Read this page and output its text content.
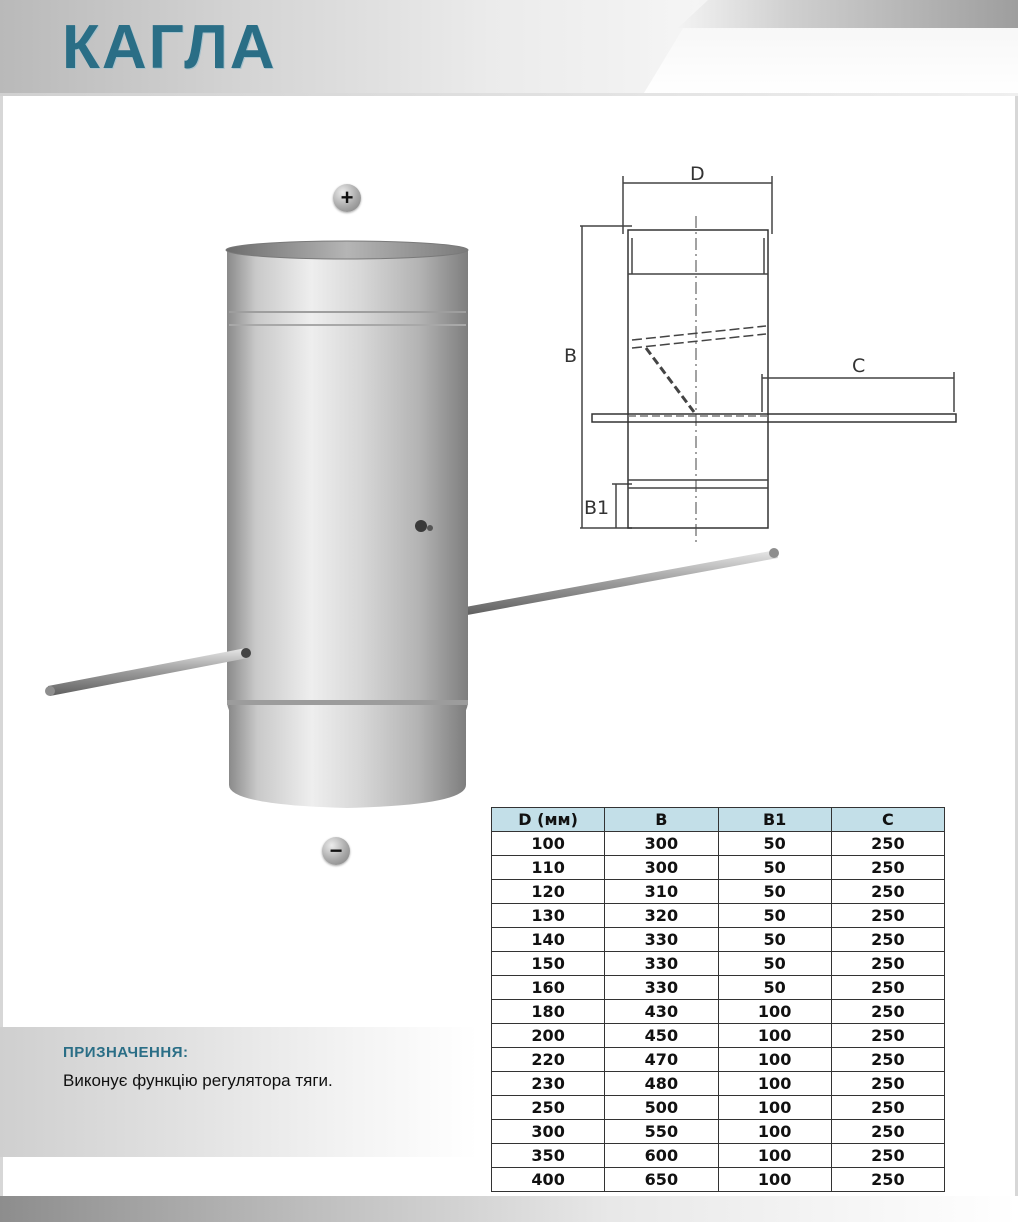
КАГЛА
+
−
D
B
B1
C
D (мм)	B	B1	C
100	300	50	250
110	300	50	250
120	310	50	250
130	320	50	250
140	330	50	250
150	330	50	250
160	330	50	250
180	430	100	250
200	450	100	250
220	470	100	250
230	480	100	250
250	500	100	250
300	550	100	250
350	600	100	250
400	650	100	250
ПРИЗНАЧЕННЯ:

Виконує функцію регулятора тяги.
